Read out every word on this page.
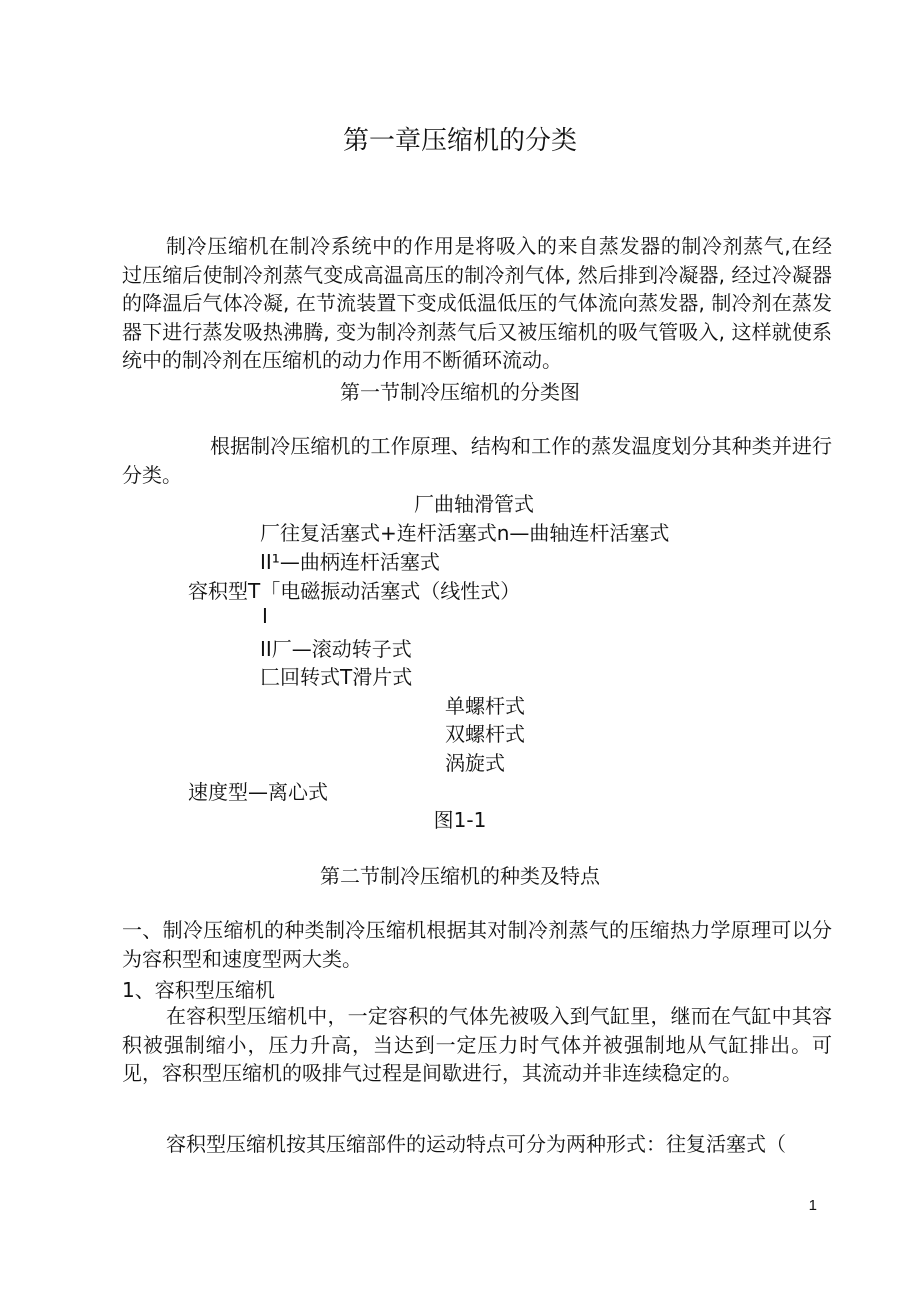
第一章压缩机的分类
制冷压缩机在制冷系统中的作用是将吸入的来自蒸发器的制冷剂蒸气,在经过压缩后使制冷剂蒸气变成高温高压的制冷剂气体, 然后排到冷凝器, 经过冷凝器的降温后气体冷凝, 在节流装置下变成低温低压的气体流向蒸发器, 制冷剂在蒸发器下进行蒸发吸热沸腾, 变为制冷剂蒸气后又被压缩机的吸气管吸入, 这样就使系统中的制冷剂在压缩机的动力作用不断循环流动。
第一节制冷压缩机的分类图
根据制冷压缩机的工作原理、结构和工作的蒸发温度划分其种类并进行分类。
厂曲轴滑管式
厂往复活塞式+连杆活塞式n—曲轴连杆活塞式
II¹—曲柄连杆活塞式
容积型T「电磁振动活塞式（线性式）
I
II厂—滚动转子式
匚回转式T滑片式
单螺杆式
双螺杆式
涡旋式
速度型—离心式
图1-1
第二节制冷压缩机的种类及特点
一、制冷压缩机的种类制冷压缩机根据其对制冷剂蒸气的压缩热力学原理可以分为容积型和速度型两大类。
1、容积型压缩机
在容积型压缩机中，一定容积的气体先被吸入到气缸里，继而在气缸中其容积被强制缩小，压力升高，当达到一定压力时气体并被强制地从气缸排出。可见，容积型压缩机的吸排气过程是间歇进行，其流动并非连续稳定的。
容积型压缩机按其压缩部件的运动特点可分为两种形式：往复活塞式（
1
